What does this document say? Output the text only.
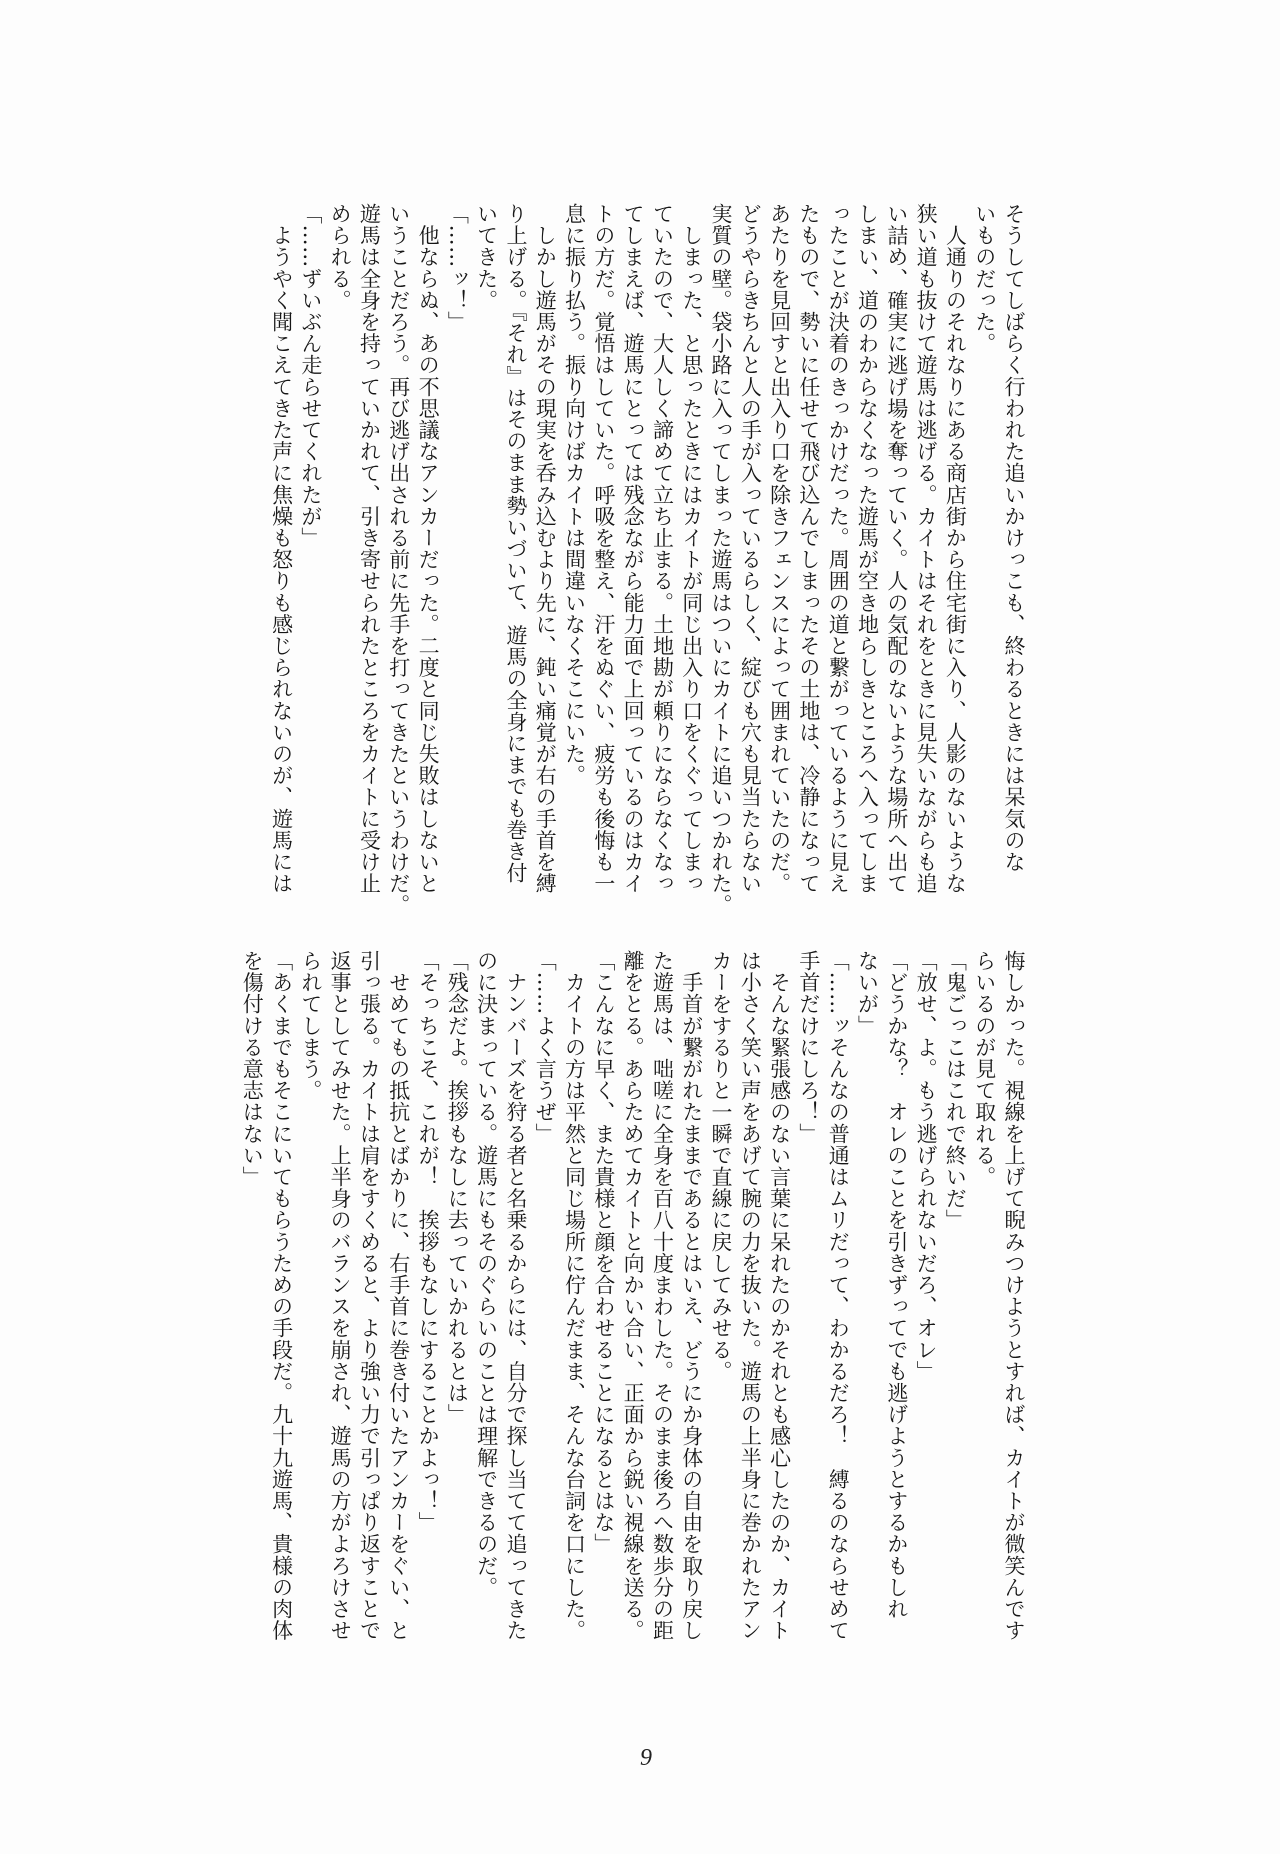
そうしてしばらく行われた追いかけっこも、終わるときには呆気のな
いものだった。
　人通りのそれなりにある商店街から住宅街に入り、人影のないような
狭い道も抜けて遊馬は逃げる。カイトはそれをときに見失いながらも追
い詰め、確実に逃げ場を奪っていく。人の気配のないような場所へ出て
しまい、道のわからなくなった遊馬が空き地らしきところへ入ってしま
ったことが決着のきっかけだった。周囲の道と繋がっているように見え
たもので、勢いに任せて飛び込んでしまったその土地は、冷静になって
あたりを見回すと出入り口を除きフェンスによって囲まれていたのだ。
どうやらきちんと人の手が入っているらしく、綻びも穴も見当たらない
実質の壁。袋小路に入ってしまった遊馬はついにカイトに追いつかれた。
　しまった、と思ったときにはカイトが同じ出入り口をくぐってしまっ
ていたので、大人しく諦めて立ち止まる。土地勘が頼りにならなくなっ
てしまえば、遊馬にとっては残念ながら能力面で上回っているのはカイ
トの方だ。覚悟はしていた。呼吸を整え、汗をぬぐい、疲労も後悔も一
息に振り払う。振り向けばカイトは間違いなくそこにいた。
　しかし遊馬がその現実を呑み込むより先に、鈍い痛覚が右の手首を縛
り上げる。『それ』はそのまま勢いづいて、遊馬の全身にまでも巻き付
いてきた。
「……ッ！」
　他ならぬ、あの不思議なアンカーだった。二度と同じ失敗はしないと
いうことだろう。再び逃げ出される前に先手を打ってきたというわけだ。
遊馬は全身を持っていかれて、引き寄せられたところをカイトに受け止
められる。
「……ずいぶん走らせてくれたが」
　ようやく聞こえてきた声に焦燥も怒りも感じられないのが、遊馬には
悔しかった。視線を上げて睨みつけようとすれば、カイトが微笑んです
らいるのが見て取れる。
「鬼ごっこはこれで終いだ」
「放せ、よ。もう逃げられないだろ、オレ」
「どうかな？　オレのことを引きずってでも逃げようとするかもしれ
ないが」
「……ッそんなの普通はムリだって、わかるだろ！　縛るのならせめて
手首だけにしろ！」
　そんな緊張感のない言葉に呆れたのかそれとも感心したのか、カイト
は小さく笑い声をあげて腕の力を抜いた。遊馬の上半身に巻かれたアン
カーをするりと一瞬で直線に戻してみせる。
　手首が繋がれたままであるとはいえ、どうにか身体の自由を取り戻し
た遊馬は、咄嗟に全身を百八十度まわした。そのまま後ろへ数歩分の距
離をとる。あらためてカイトと向かい合い、正面から鋭い視線を送る。
「こんなに早く、また貴様と顔を合わせることになるとはな」
　カイトの方は平然と同じ場所に佇んだまま、そんな台詞を口にした。
「……よく言うぜ」
　ナンバーズを狩る者と名乗るからには、自分で探し当てて追ってきた
のに決まっている。遊馬にもそのぐらいのことは理解できるのだ。
「残念だよ。挨拶もなしに去っていかれるとは」
「そっちこそ、これが！　挨拶もなしにすることかよっ！」
　せめてもの抵抗とばかりに、右手首に巻き付いたアンカーをぐい、と
引っ張る。カイトは肩をすくめると、より強い力で引っぱり返すことで
返事としてみせた。上半身のバランスを崩され、遊馬の方がよろけさせ
られてしまう。
「あくまでもそこにいてもらうための手段だ。九十九遊馬、貴様の肉体
を傷付ける意志はない」
9
